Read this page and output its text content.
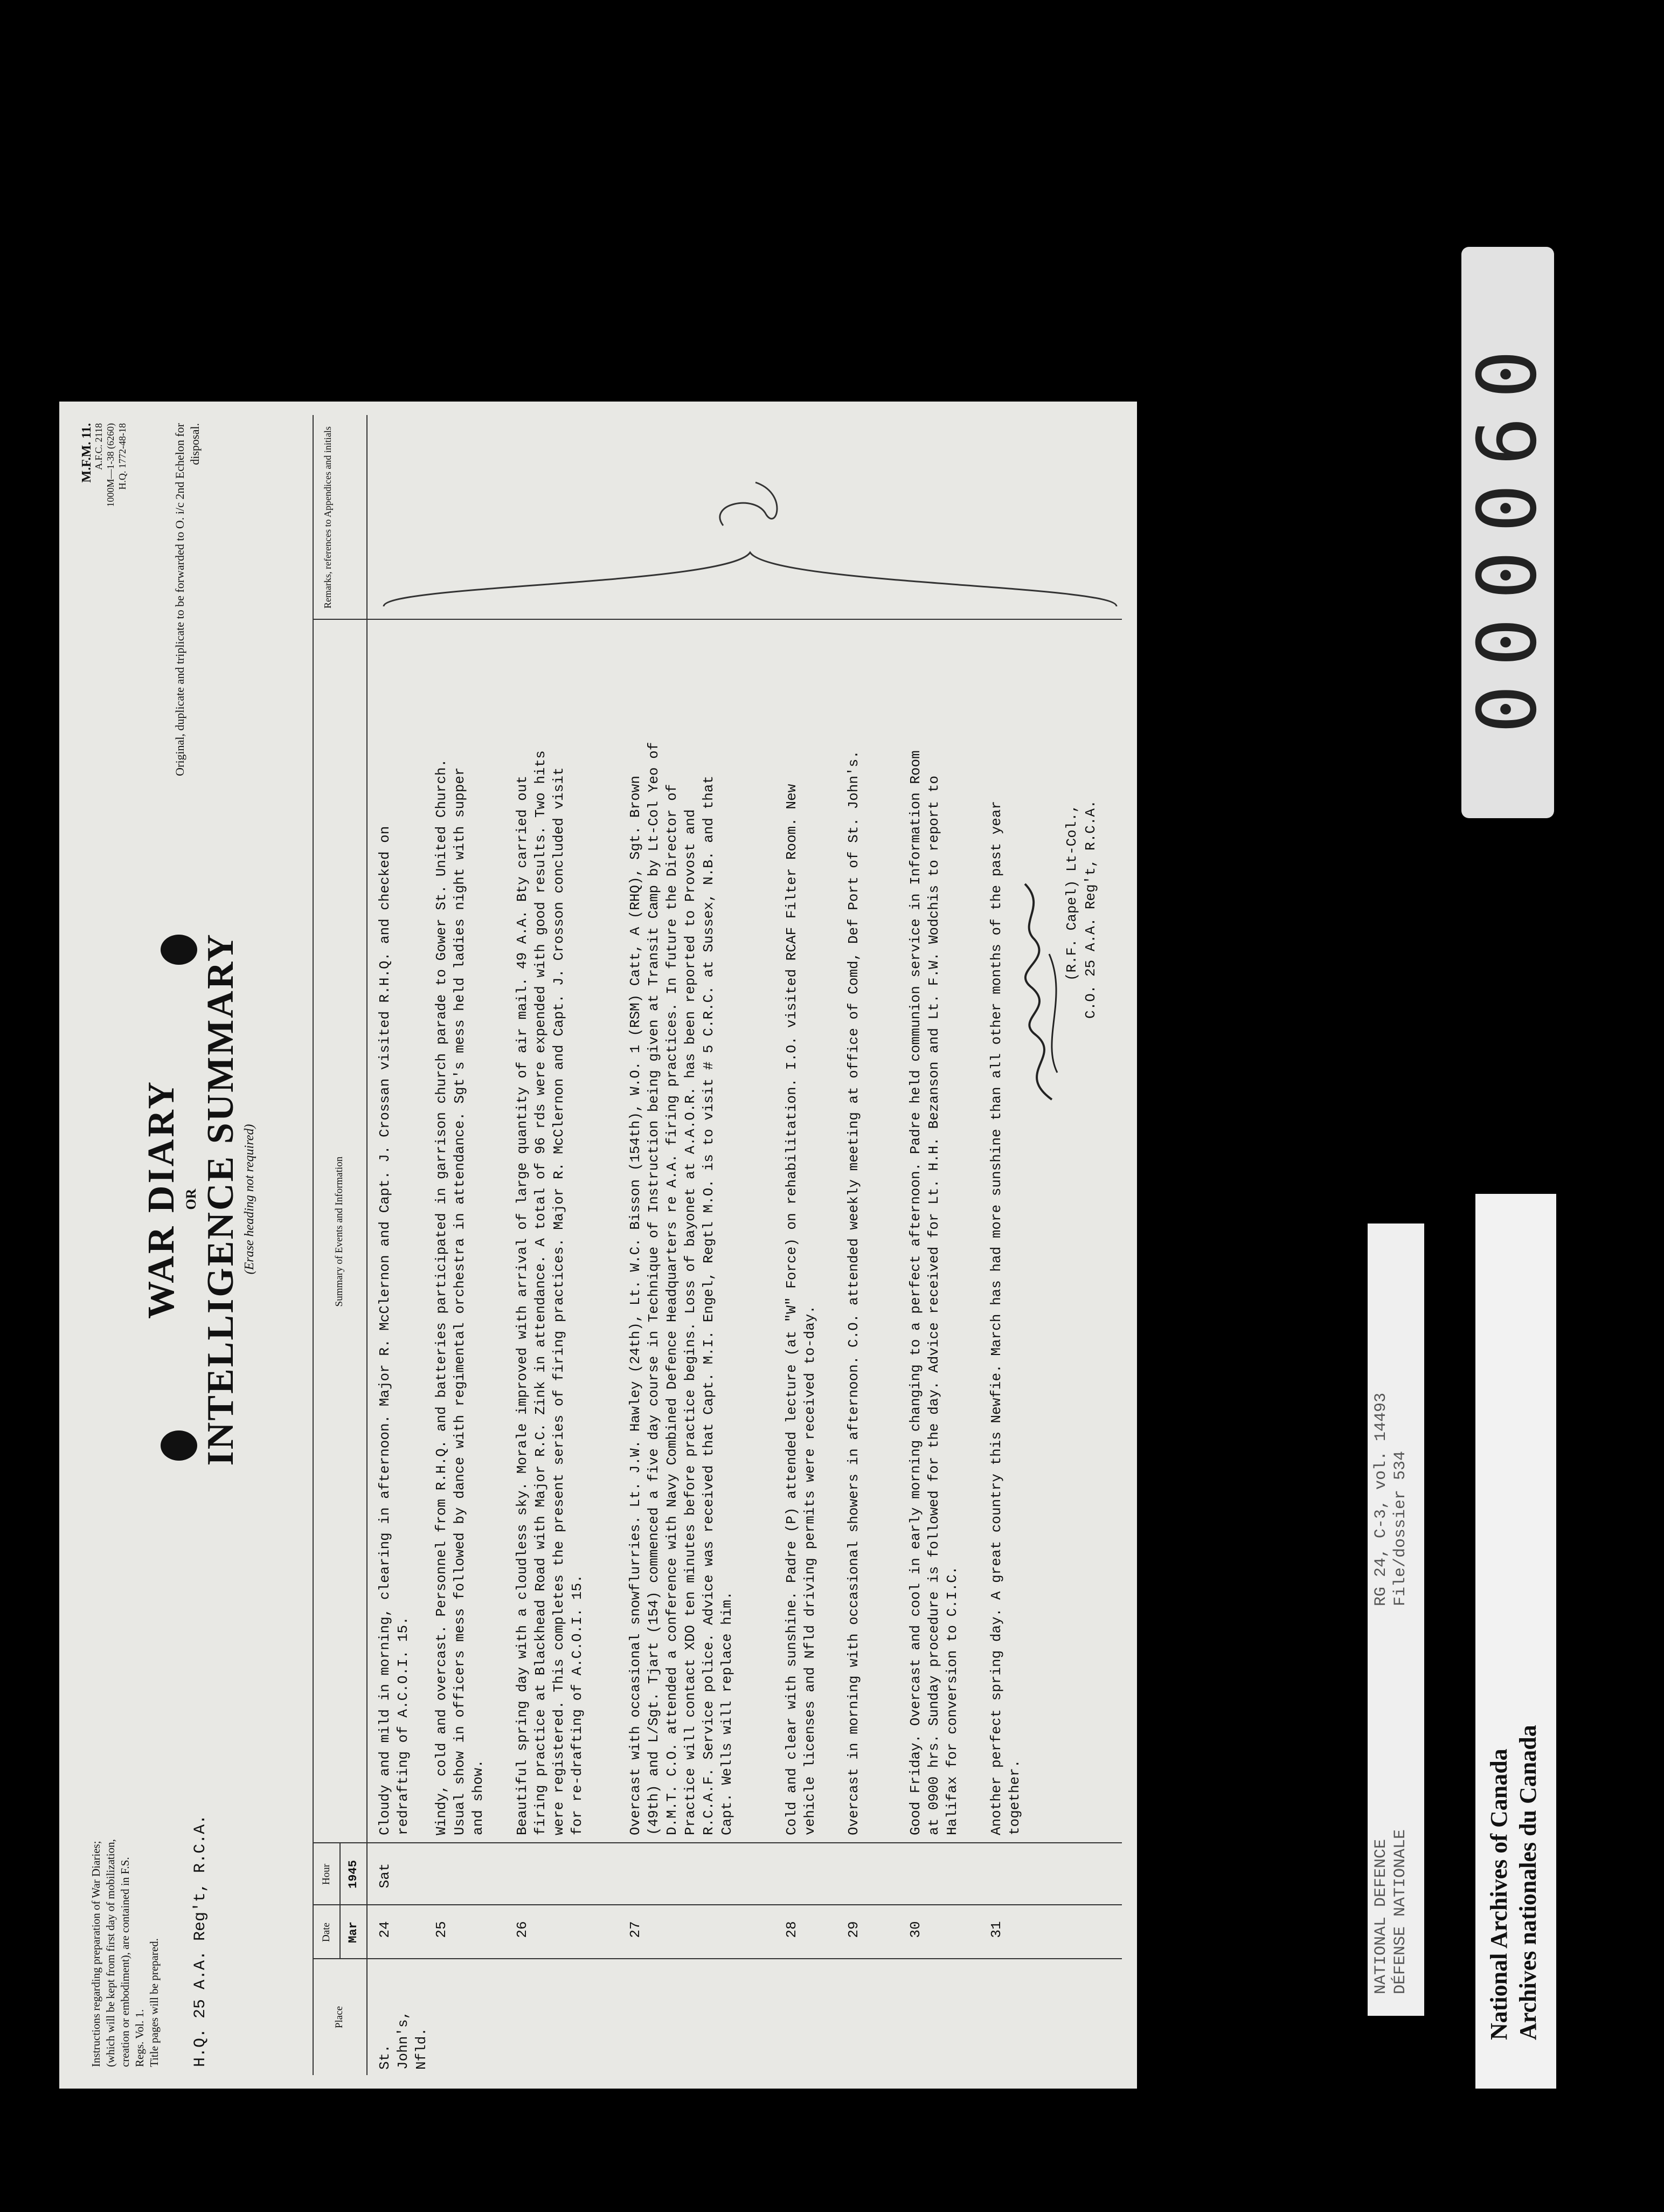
Instructions regarding preparation of War Diaries; (which will be kept from first day of mobilization, creation or embodiment), are contained in F.S. Regs. Vol. 1. Title pages will be prepared. H.Q. 25 A.A. Reg't, R.C.A.
WAR DIARY OR INTELLIGENCE SUMMARY (Erase heading not required)
M.F.M. 11. A.F.C. 2118 1000M—1-38 (6260) H.Q. 1772-48-18	Original, duplicate and triplicate to be forwarded to O. i/c 2nd Echelon for disposal.
Place
Date
Hour
Mar
1945
Summary of Events and Information
Remarks, references to Appendices and initials
St. John's, Nfld.
24
Sat
Cloudy and mild in morning, clearing in afternoon. Major R. McClernon and Capt. J. Crossan visited R.H.Q. and checked on redrafting of A.C.O.I. 15.
25
Windy, cold and overcast. Personnel from R.H.Q. and batteries participated in garrison church parade to Gower St. United Church. Usual show in officers mess followed by dance with regimental orchestra in attendance. Sgt's mess held ladies night with supper and show.
26
Beautiful spring day with a cloudless sky. Morale improved with arrival of large quantity of air mail. 49 A.A. Bty carried out firing practice at Blackhead Road with Major R.C. Zink in attendance. A total of 96 rds were expended with good results. Two hits were registered. This completes the present series of firing practices. Major R. McClernon and Capt. J. Crosson concluded visit for re-drafting of A.C.O.I. 15.
27
Overcast with occasional snowflurries. Lt. J.W. Hawley (24th), Lt. W.C. Bisson (154th), W.O. 1 (RSM) Catt, A (RHQ), Sgt. Brown (49th) and L/Sgt. Tjart (154) commenced a five day course in Technique of Instruction being given at Transit Camp by Lt-Col Yeo of D.M.T. C.O. attended a conference with Navy Combined Defence Headquarters re A.A. firing practices. In future the Director of Practice will contact XDO ten minutes before practice begins. Loss of bayonet at A.A.O.R. has been reported to Provost and R.C.A.F. Service police. Advice was received that Capt. M.I. Engel, Regtl M.O. is to visit # 5 C.R.C. at Sussex, N.B. and that Capt. Wells will replace him.
28
Cold and clear with sunshine. Padre (P) attended lecture (at "W" Force) on rehabilitation. I.O. visited RCAF Filter Room. New vehicle licenses and Nfld driving permits were received to-day.
29
Overcast in morning with occasional showers in afternoon. C.O. attended weekly meeting at office of Comd, Def Port of St. John's.
30
Good Friday. Overcast and cool in early morning changing to a perfect afternoon. Padre held communion service in Information Room at 0900 hrs. Sunday procedure is followed for the day. Advice received for Lt. H.H. Bezanson and Lt. F.W. Wodchis to report to Halifax for conversion to C.I.C.
31
Another perfect spring day. A great country this Newfie. March has had more sunshine than all other months of the past year together.
(R.F. Capel) Lt-Col., C.O. 25 A.A. Reg't, R.C.A.
000060
NATIONAL DEFENCE DÉFENSE NATIONALE
RG 24, C-3, vol. 14493 File/dossier 534
National Archives of Canada Archives nationales du Canada
